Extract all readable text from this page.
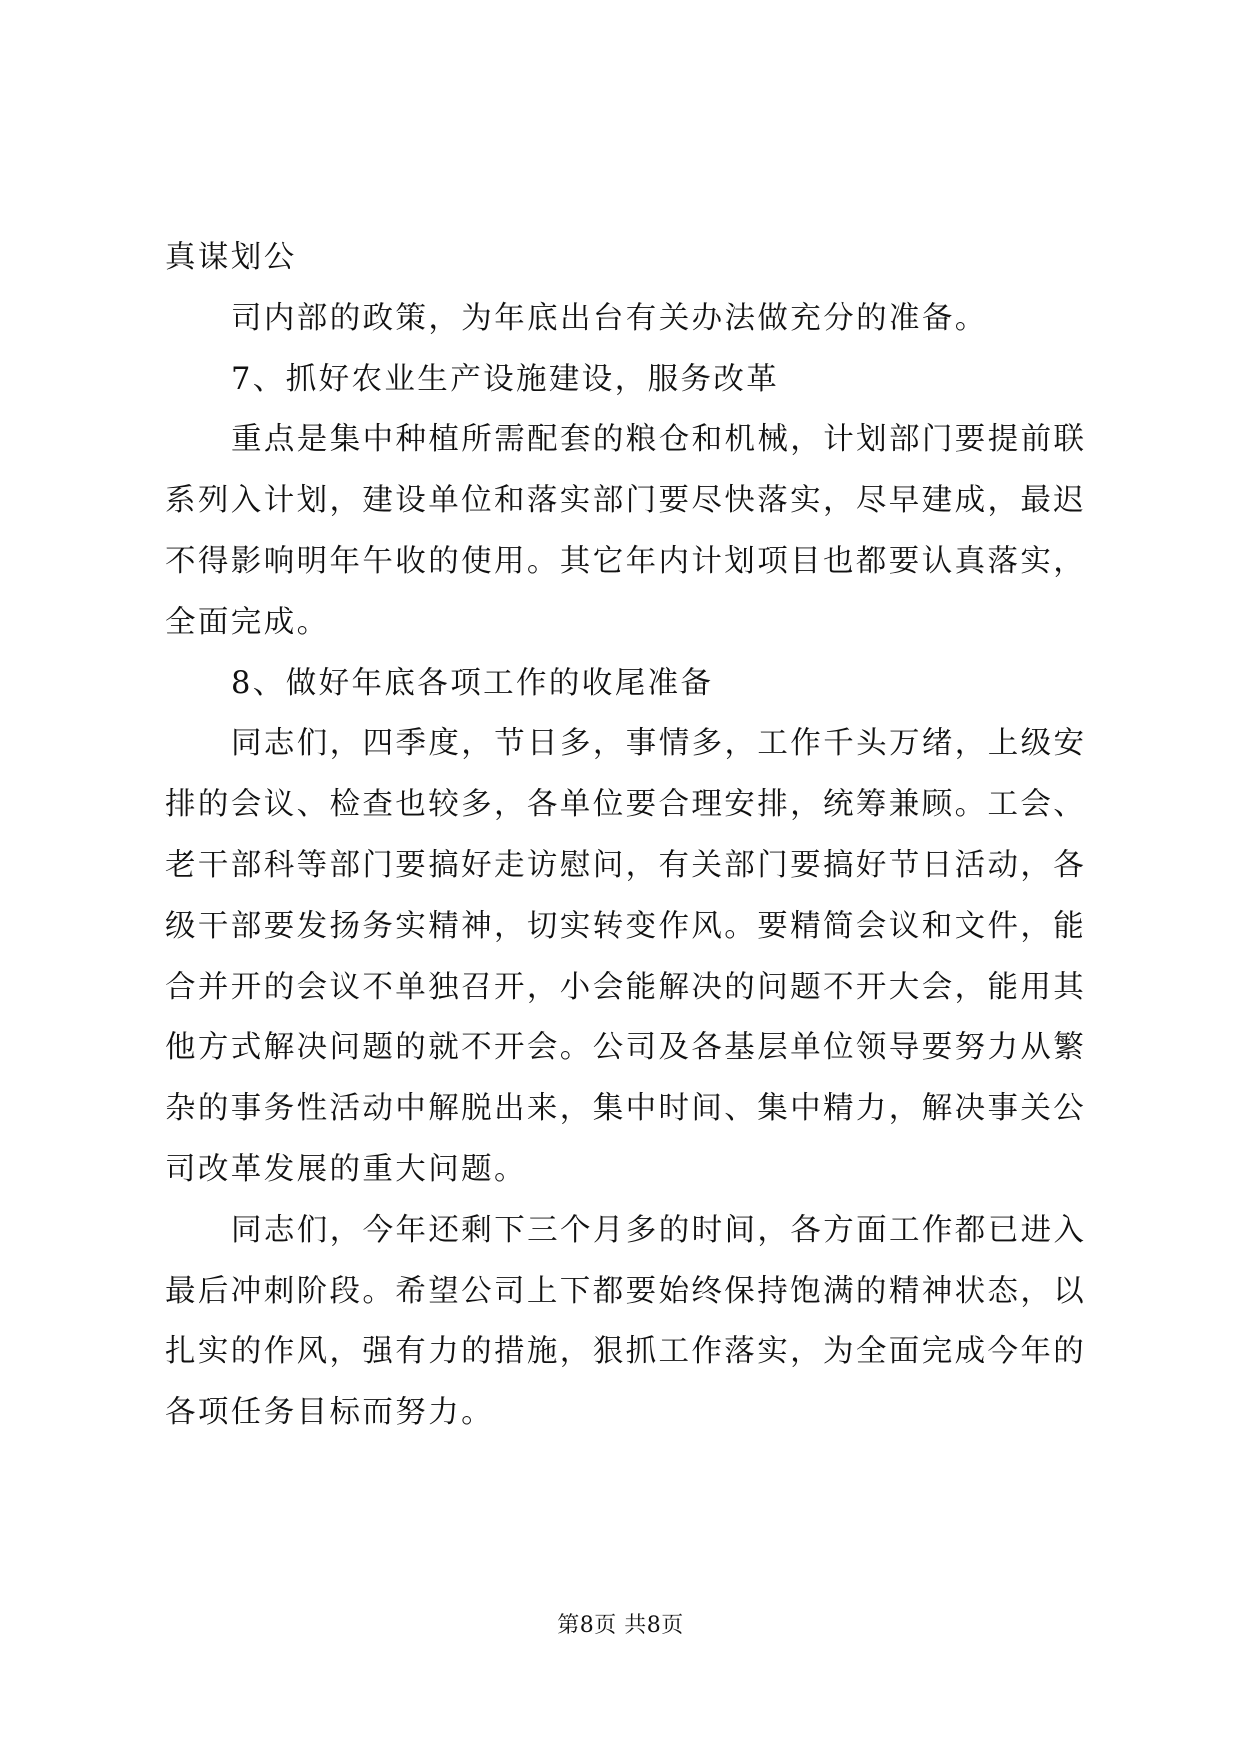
真谋划公

司内部的政策，为年底出台有关办法做充分的准备。

7、抓好农业生产设施建设，服务改革

重点是集中种植所需配套的粮仓和机械，计划部门要提前联

系列入计划，建设单位和落实部门要尽快落实，尽早建成，最迟

不得影响明年午收的使用。其它年内计划项目也都要认真落实，

全面完成。

8、做好年底各项工作的收尾准备

同志们，四季度，节日多，事情多，工作千头万绪，上级安

排的会议、检查也较多，各单位要合理安排，统筹兼顾。工会、

老干部科等部门要搞好走访慰问，有关部门要搞好节日活动，各

级干部要发扬务实精神，切实转变作风。要精简会议和文件，能

合并开的会议不单独召开，小会能解决的问题不开大会，能用其

他方式解决问题的就不开会。公司及各基层单位领导要努力从繁

杂的事务性活动中解脱出来，集中时间、集中精力，解决事关公

司改革发展的重大问题。

同志们，今年还剩下三个月多的时间，各方面工作都已进入

最后冲刺阶段。希望公司上下都要始终保持饱满的精神状态，以

扎实的作风，强有力的措施，狠抓工作落实，为全面完成今年的

各项任务目标而努力。

第8页 共8页
